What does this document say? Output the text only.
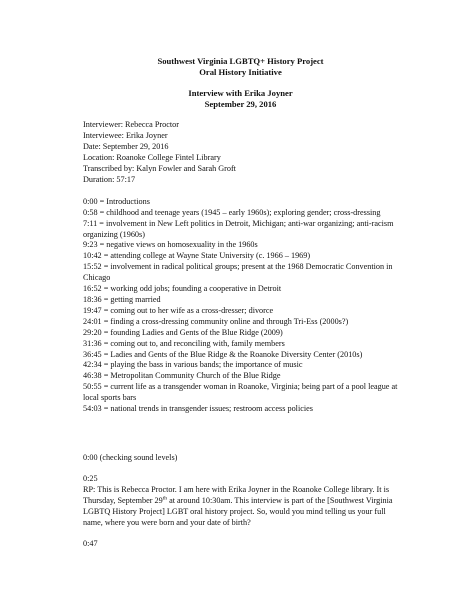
Southwest Virginia LGBTQ+ History Project
Oral History Initiative
Interview with Erika Joyner
September 29, 2016
Interviewer: Rebecca Proctor
Interviewee: Erika Joyner
Date: September 29, 2016
Location: Roanoke College Fintel Library
Transcribed by: Kalyn Fowler and Sarah Groft
Duration: 57:17
0:00 = Introductions
0:58 = childhood and teenage years (1945 – early 1960s); exploring gender; cross-dressing
7:11 = involvement in New Left politics in Detroit, Michigan; anti-war organizing; anti-racism organizing (1960s)
9:23 = negative views on homosexuality in the 1960s
10:42 = attending college at Wayne State University (c. 1966 – 1969)
15:52 = involvement in radical political groups; present at the 1968 Democratic Convention in Chicago
16:52 = working odd jobs; founding a cooperative in Detroit
18:36 = getting married
19:47 = coming out to her wife as a cross-dresser; divorce
24:01 = finding a cross-dressing community online and through Tri-Ess (2000s?)
29:20 = founding Ladies and Gents of the Blue Ridge (2009)
31:36 = coming out to, and reconciling with, family members
36:45 = Ladies and Gents of the Blue Ridge & the Roanoke Diversity Center (2010s)
42:34 = playing the bass in various bands; the importance of music
46:38 = Metropolitan Community Church of the Blue Ridge
50:55 = current life as a transgender woman in Roanoke, Virginia; being part of a pool league at local sports bars
54:03 = national trends in transgender issues; restroom access policies

0:00 (checking sound levels)

0:25
RP: This is Rebecca Proctor. I am here with Erika Joyner in the Roanoke College library. It is Thursday, September 29th at around 10:30am. This interview is part of the [Southwest Virginia LGBTQ History Project] LGBT oral history project. So, would you mind telling us your full name, where you were born and your date of birth?

0:47
